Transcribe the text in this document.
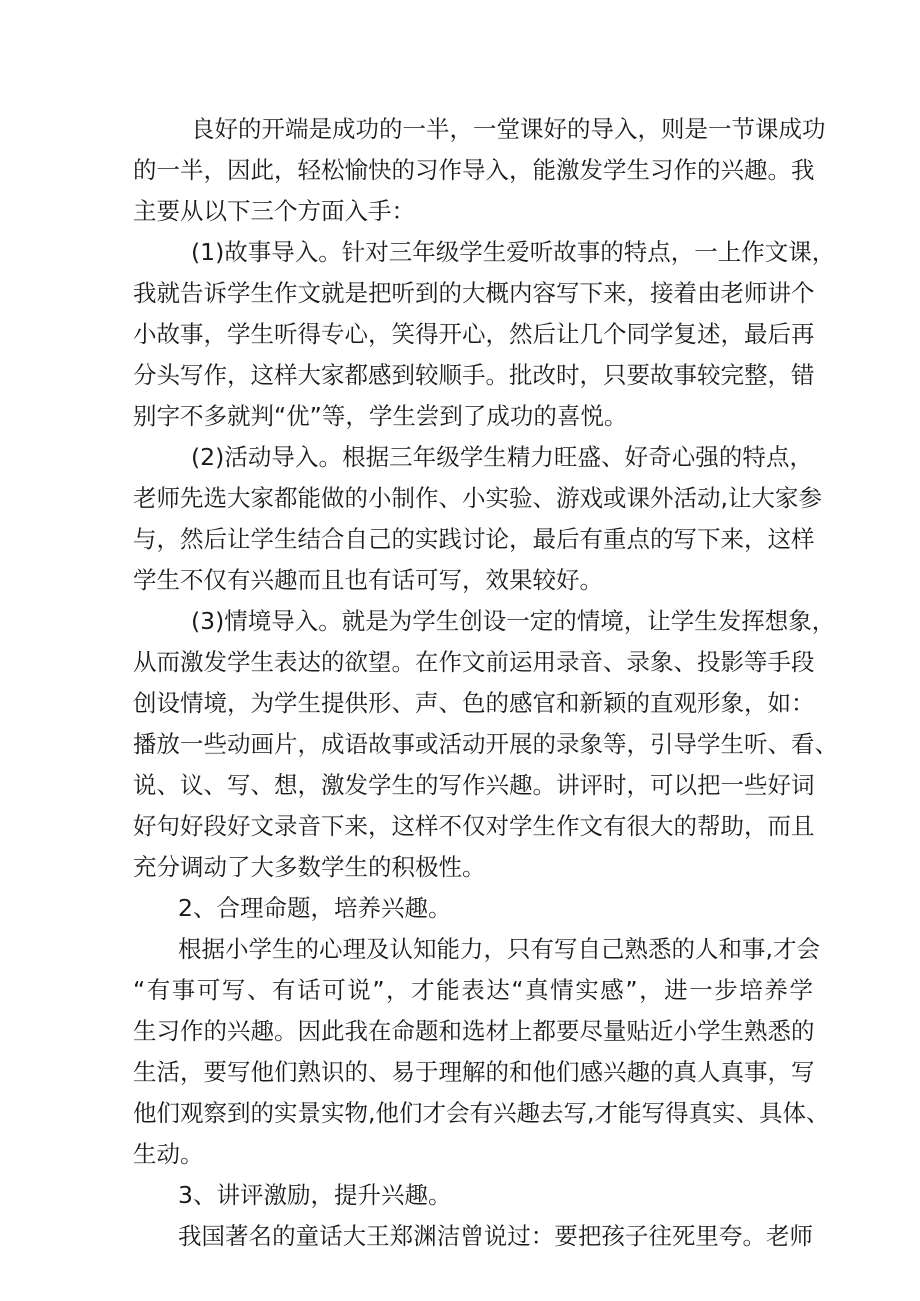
良好的开端是成功的一半，一堂课好的导入，则是一节课成功
的一半，因此，轻松愉快的习作导入，能激发学生习作的兴趣。我
主要从以下三个方面入手：
(1)故事导入。针对三年级学生爱听故事的特点，一上作文课，
我就告诉学生作文就是把听到的大概内容写下来，接着由老师讲个
小故事，学生听得专心，笑得开心，然后让几个同学复述，最后再
分头写作，这样大家都感到较顺手。批改时，只要故事较完整，错
别字不多就判“优”等，学生尝到了成功的喜悦。
(2)活动导入。根据三年级学生精力旺盛、好奇心强的特点，
老师先选大家都能做的小制作、小实验、游戏或课外活动,让大家参
与，然后让学生结合自己的实践讨论，最后有重点的写下来，这样
学生不仅有兴趣而且也有话可写，效果较好。
(3)情境导入。就是为学生创设一定的情境，让学生发挥想象，
从而激发学生表达的欲望。在作文前运用录音、录象、投影等手段
创设情境，为学生提供形、声、色的感官和新颖的直观形象，如：
播放一些动画片，成语故事或活动开展的录象等，引导学生听、看、
说、议、写、想，激发学生的写作兴趣。讲评时，可以把一些好词
好句好段好文录音下来，这样不仅对学生作文有很大的帮助，而且
充分调动了大多数学生的积极性。
2、合理命题，培养兴趣。
根据小学生的心理及认知能力，只有写自己熟悉的人和事,才会
“有事可写、有话可说”，才能表达“真情实感”，进一步培养学
生习作的兴趣。因此我在命题和选材上都要尽量贴近小学生熟悉的
生活，要写他们熟识的、易于理解的和他们感兴趣的真人真事，写
他们观察到的实景实物,他们才会有兴趣去写,才能写得真实、具体、
生动。
3、讲评激励，提升兴趣。
我国著名的童话大王郑渊洁曾说过：要把孩子往死里夸。老师
